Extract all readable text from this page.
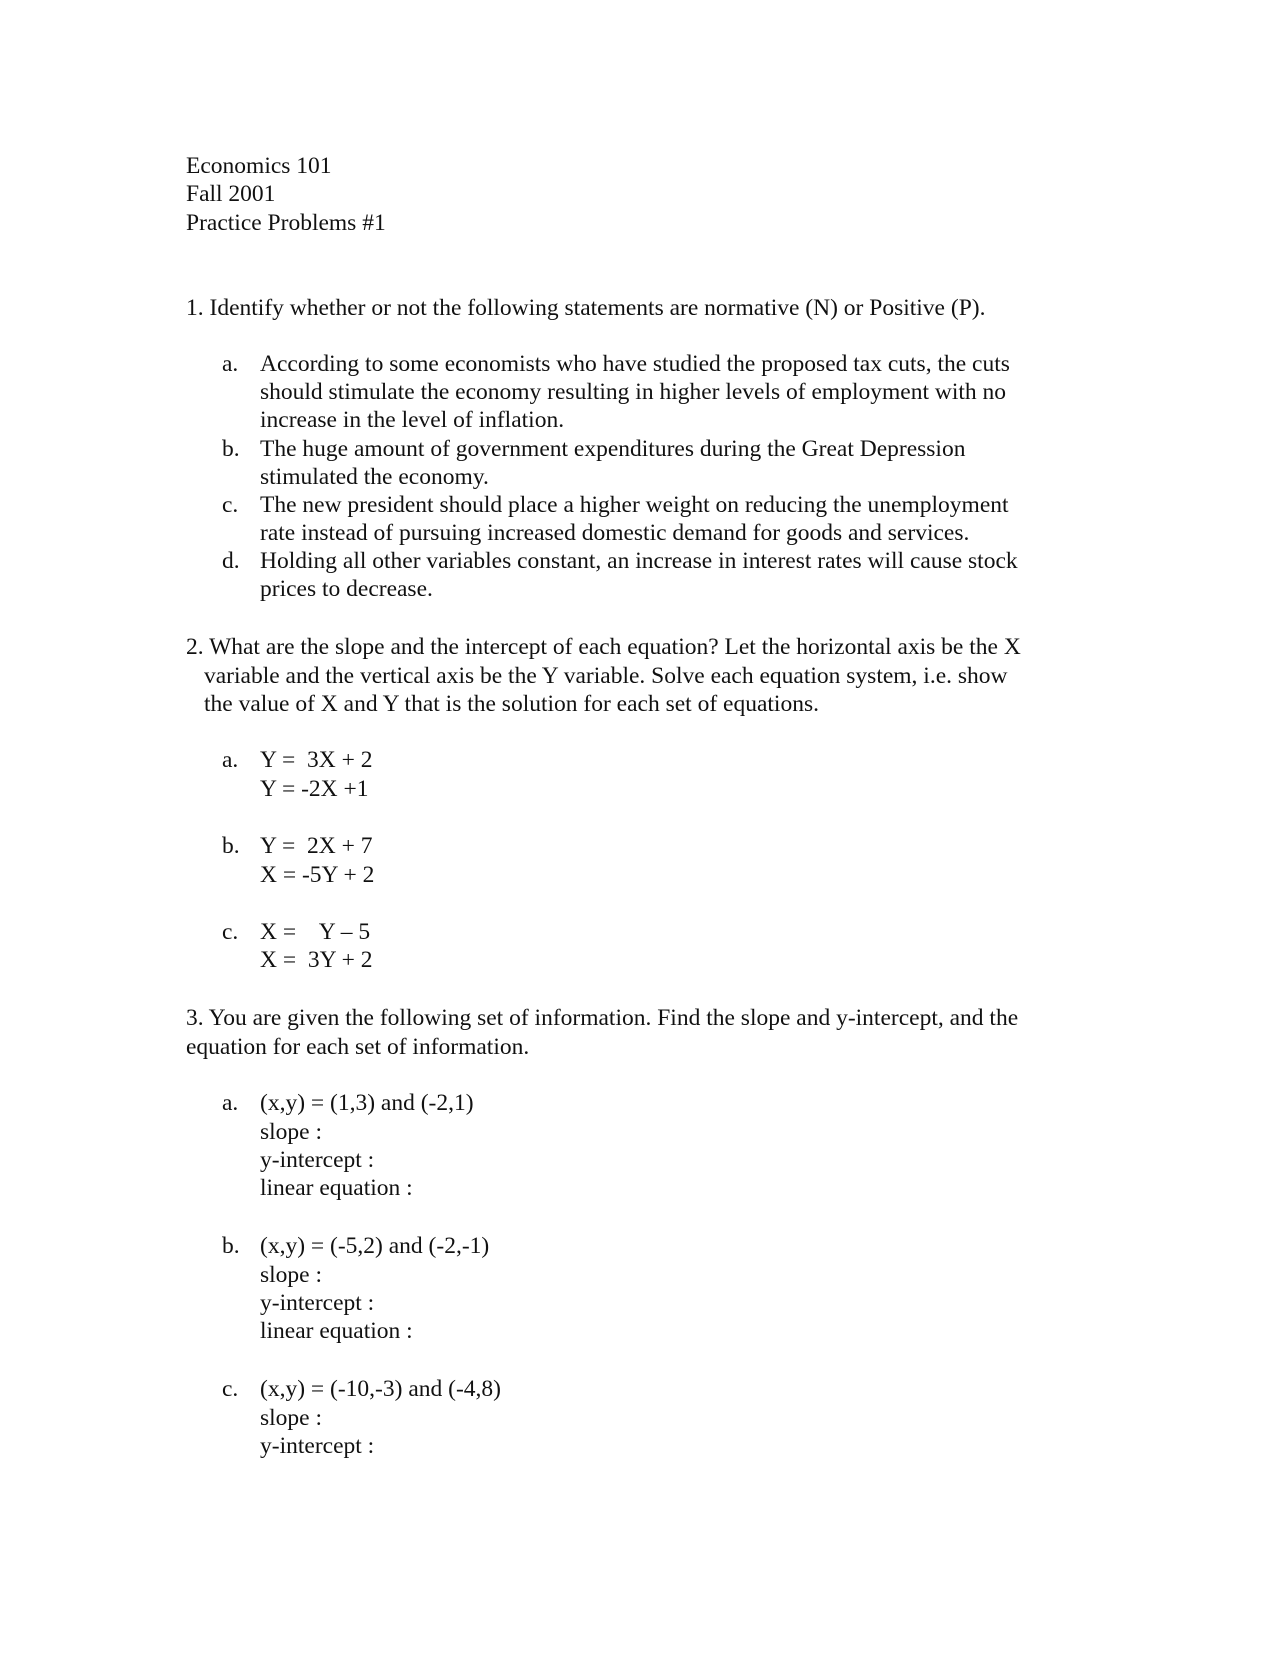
Economics 101
Fall 2001
Practice Problems #1
1. Identify whether or not the following statements are normative (N) or Positive (P).
a. According to some economists who have studied the proposed tax cuts, the cuts
should stimulate the economy resulting in higher levels of employment with no
increase in the level of inflation.
b. The huge amount of government expenditures during the Great Depression
stimulated the economy.
c. The new president should place a higher weight on reducing the unemployment
rate instead of pursuing increased domestic demand for goods and services.
d. Holding all other variables constant, an increase in interest rates will cause stock
prices to decrease.
2. What are the slope and the intercept of each equation? Let the horizontal axis be the X
variable and the vertical axis be the Y variable. Solve each equation system, i.e. show
the value of X and Y that is the solution for each set of equations.
a. Y =  3X + 2
Y = -2X +1
b. Y =  2X + 7
X = -5Y + 2
c. X =    Y – 5
X =  3Y + 2
3. You are given the following set of information. Find the slope and y-intercept, and the
equation for each set of information.
a. (x,y) = (1,3) and (-2,1)
slope :
y-intercept :
linear equation :
b. (x,y) = (-5,2) and (-2,-1)
slope :
y-intercept :
linear equation :
c. (x,y) = (-10,-3) and (-4,8)
slope :
y-intercept :
